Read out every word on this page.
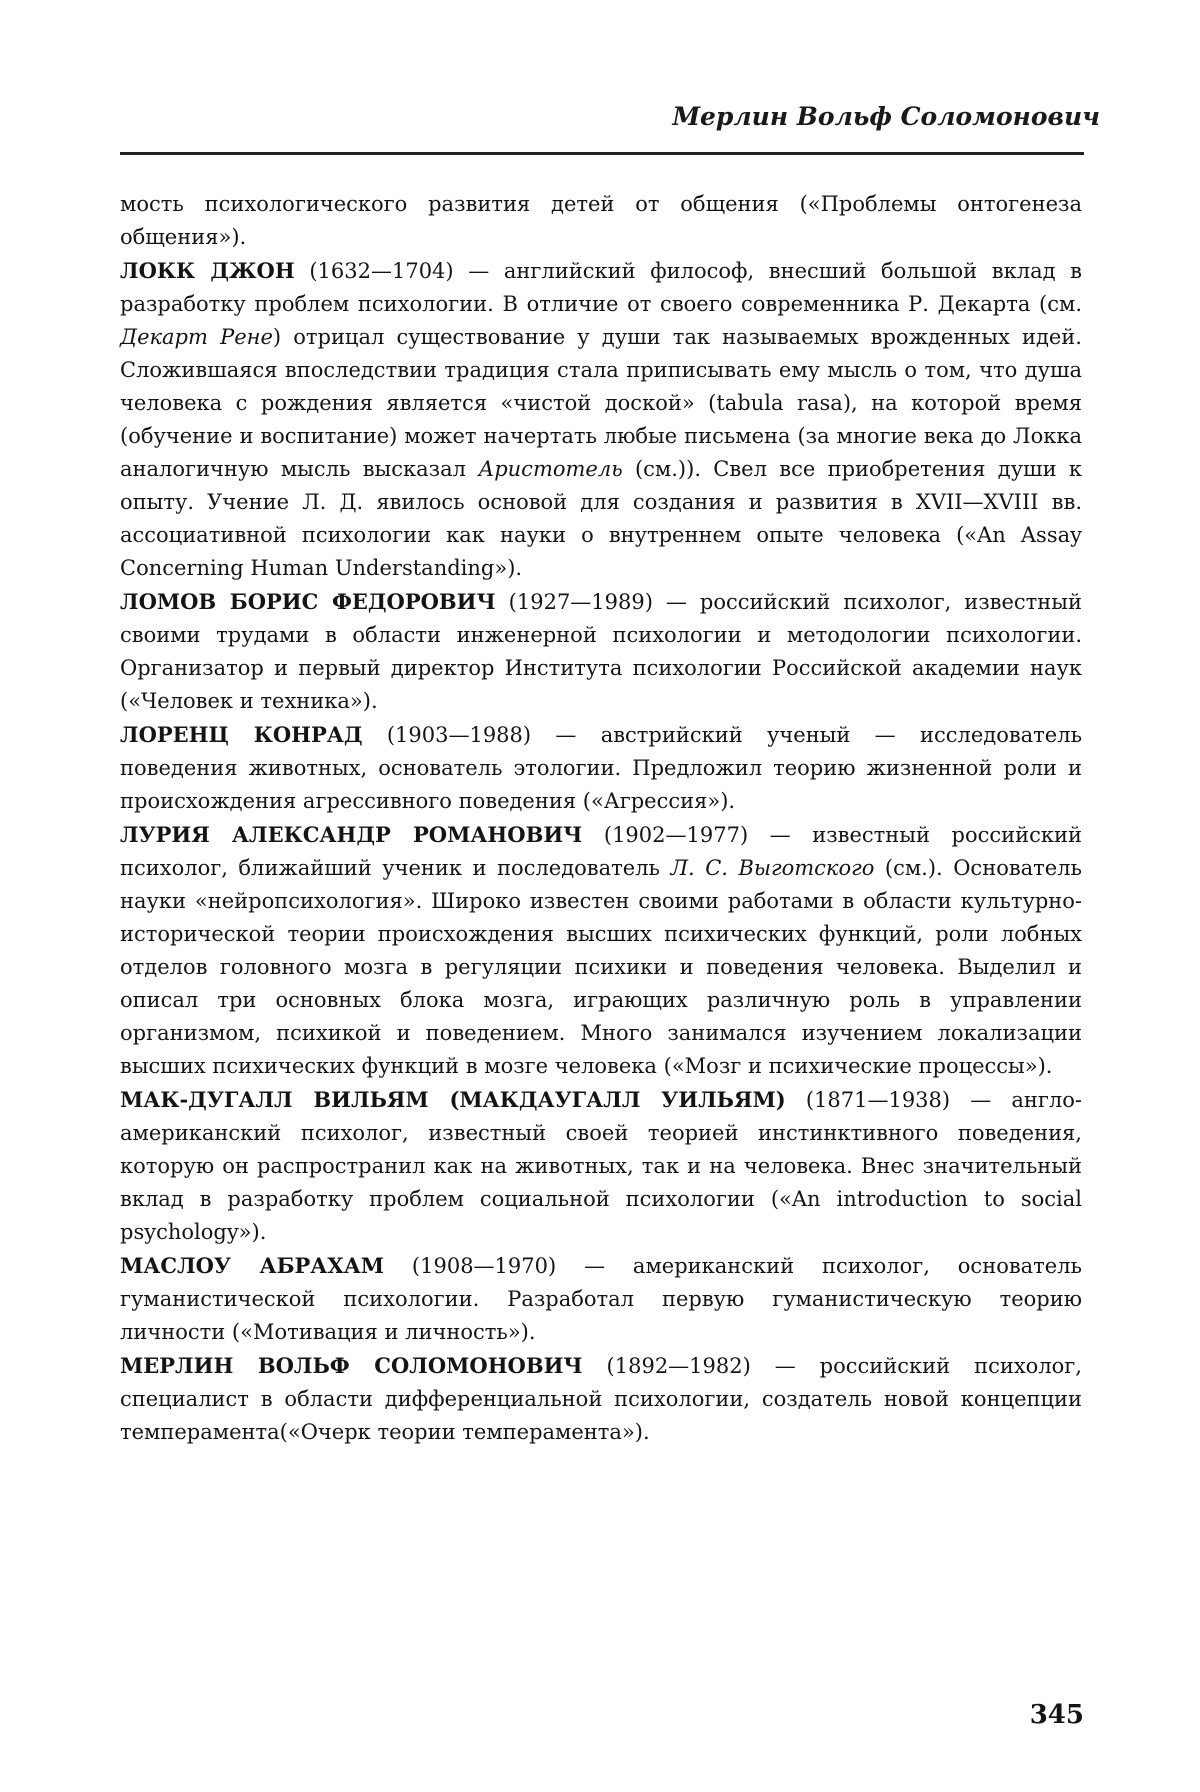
Мерлин Вольф Соломонович

мость психологического развития детей от общения («Проблемы онтогенеза общения»).

ЛОКК ДЖОН (1632—1704) — английский философ, внесший большой вклад в разработку проблем психологии. В отличие от своего современника Р. Декарта (см. Декарт Рене) отрицал существование у души так называемых врожденных идей. Сложившаяся впоследствии традиция стала приписывать ему мысль о том, что душа человека с рождения является «чистой доской» (tabula rasa), на которой время (обучение и воспитание) может начертать любые письмена (за многие века до Локка аналогичную мысль высказал Аристотель (см.)). Свел все приобретения души к опыту. Учение Л. Д. явилось основой для создания и развития в XVII—XVIII вв. ассоциативной психологии как науки о внутреннем опыте человека («An Assay Concerning Human Understanding»).

ЛОМОВ БОРИС ФЕДОРОВИЧ (1927—1989) — российский психолог, известный своими трудами в области инженерной психологии и методологии психологии. Организатор и первый директор Института психологии Российской академии наук («Человек и техника»).

ЛОРЕНЦ КОНРАД (1903—1988) — австрийский ученый — исследователь поведения животных, основатель этологии. Предложил теорию жизненной роли и происхождения агрессивного поведения («Агрессия»).

ЛУРИЯ АЛЕКСАНДР РОМАНОВИЧ (1902—1977) — известный российский психолог, ближайший ученик и последователь Л. С. Выготского (см.). Основатель науки «нейропсихология». Широко известен своими работами в области культурно-исторической теории происхождения высших психических функций, роли лобных отделов головного мозга в регуляции психики и поведения человека. Выделил и описал три основных блока мозга, играющих различную роль в управлении организмом, психикой и поведением. Много занимался изучением локализации высших психических функций в мозге человека («Мозг и психические процессы»).

МАК-ДУГАЛЛ ВИЛЬЯМ (МАКДАУГАЛЛ УИЛЬЯМ) (1871—1938) — англо-американский психолог, известный своей теорией инстинктивного поведения, которую он распространил как на животных, так и на человека. Внес значительный вклад в разработку проблем социальной психологии («An introduction to social psychology»).

МАСЛОУ АБРАХАМ (1908—1970) — американский психолог, основатель гуманистической психологии. Разработал первую гуманистическую теорию личности («Мотивация и личность»).

МЕРЛИН ВОЛЬФ СОЛОМОНОВИЧ (1892—1982) — российский психолог, специалист в области дифференциальной психологии, создатель новой концепции темперамента(«Очерк теории темперамента»).

345
